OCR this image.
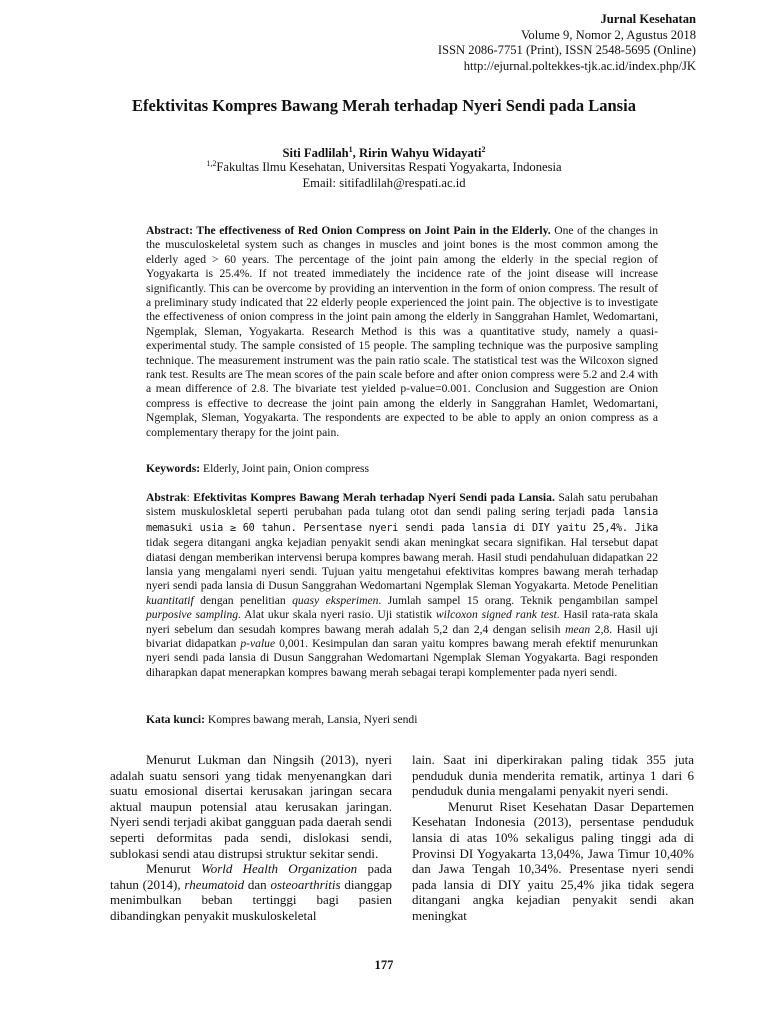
Jurnal Kesehatan
Volume 9, Nomor 2, Agustus 2018
ISSN 2086-7751 (Print), ISSN 2548-5695 (Online)
http://ejurnal.poltekkes-tjk.ac.id/index.php/JK
Efektivitas Kompres Bawang Merah terhadap Nyeri Sendi pada Lansia
Siti Fadlilah$^1$, Ririn Wahyu Widayati$^2$
$^{1,2}$Fakultas Ilmu Kesehatan, Universitas Respati Yogyakarta, Indonesia
Email: sitifadlilah@respati.ac.id
Abstract: The effectiveness of Red Onion Compress on Joint Pain in the Elderly. One of the changes in the musculoskeletal system such as changes in muscles and joint bones is the most common among the elderly aged > 60 years. The percentage of the joint pain among the elderly in the special region of Yogyakarta is 25.4%. If not treated immediately the incidence rate of the joint disease will increase significantly. This can be overcome by providing an intervention in the form of onion compress. The result of a preliminary study indicated that 22 elderly people experienced the joint pain. The objective is to investigate the effectiveness of onion compress in the joint pain among the elderly in Sanggrahan Hamlet, Wedomartani, Ngemplak, Sleman, Yogyakarta. Research Method is this was a quantitative study, namely a quasi-experimental study. The sample consisted of 15 people. The sampling technique was the purposive sampling technique. The measurement instrument was the pain ratio scale. The statistical test was the Wilcoxon signed rank test. Results are The mean scores of the pain scale before and after onion compress were 5.2 and 2.4 with a mean difference of 2.8. The bivariate test yielded p-value=0.001. Conclusion and Suggestion are Onion compress is effective to decrease the joint pain among the elderly in Sanggrahan Hamlet, Wedomartani, Ngemplak, Sleman, Yogyakarta. The respondents are expected to be able to apply an onion compress as a complementary therapy for the joint pain.
Keywords: Elderly, Joint pain, Onion compress
Abstrak: Efektivitas Kompres Bawang Merah terhadap Nyeri Sendi pada Lansia. Salah satu perubahan sistem muskuloskletal seperti perubahan pada tulang otot dan sendi paling sering terjadi pada lansia memasuki usia ≥ 60 tahun. Persentase nyeri sendi pada lansia di DIY yaitu 25,4%. Jika tidak segera ditangani angka kejadian penyakit sendi akan meningkat secara signifikan. Hal tersebut dapat diatasi dengan memberikan intervensi berupa kompres bawang merah. Hasil studi pendahuluan didapatkan 22 lansia yang mengalami nyeri sendi. Tujuan yaitu mengetahui efektivitas kompres bawang merah terhadap nyeri sendi pada lansia di Dusun Sanggrahan Wedomartani Ngemplak Sleman Yogyakarta. Metode Penelitian kuantitatif dengan penelitian quasy eksperimen. Jumlah sampel 15 orang. Teknik pengambilan sampel purposive sampling. Alat ukur skala nyeri rasio. Uji statistik wilcoxon signed rank test. Hasil rata-rata skala nyeri sebelum dan sesudah kompres bawang merah adalah 5,2 dan 2,4 dengan selisih mean 2,8. Hasil uji bivariat didapatkan p-value 0,001. Kesimpulan dan saran yaitu kompres bawang merah efektif menurunkan nyeri sendi pada lansia di Dusun Sanggrahan Wedomartani Ngemplak Sleman Yogyakarta. Bagi responden diharapkan dapat menerapkan kompres bawang merah sebagai terapi komplementer pada nyeri sendi.
Kata kunci: Kompres bawang merah, Lansia, Nyeri sendi

Menurut Lukman dan Ningsih (2013), nyeri adalah suatu sensori yang tidak menyenangkan dari suatu emosional disertai kerusakan jaringan secara aktual maupun potensial atau kerusakan jaringan. Nyeri sendi terjadi akibat gangguan pada daerah sendi seperti deformitas pada sendi, dislokasi sendi, sublokasi sendi atau distrupsi struktur sekitar sendi.

Menurut World Health Organization pada tahun (2014), rheumatoid dan osteoarthritis dianggap menimbulkan beban tertinggi bagi pasien dibandingkan penyakit muskuloskeletal

lain. Saat ini diperkirakan paling tidak 355 juta penduduk dunia menderita rematik, artinya 1 dari 6 penduduk dunia mengalami penyakit nyeri sendi.

Menurut Riset Kesehatan Dasar Departemen Kesehatan Indonesia (2013), persentase penduduk lansia di atas 10% sekaligus paling tinggi ada di Provinsi DI Yogyakarta 13,04%, Jawa Timur 10,40% dan Jawa Tengah 10,34%. Presentase nyeri sendi pada lansia di DIY yaitu 25,4% jika tidak segera ditangani angka kejadian penyakit sendi akan meningkat

177
